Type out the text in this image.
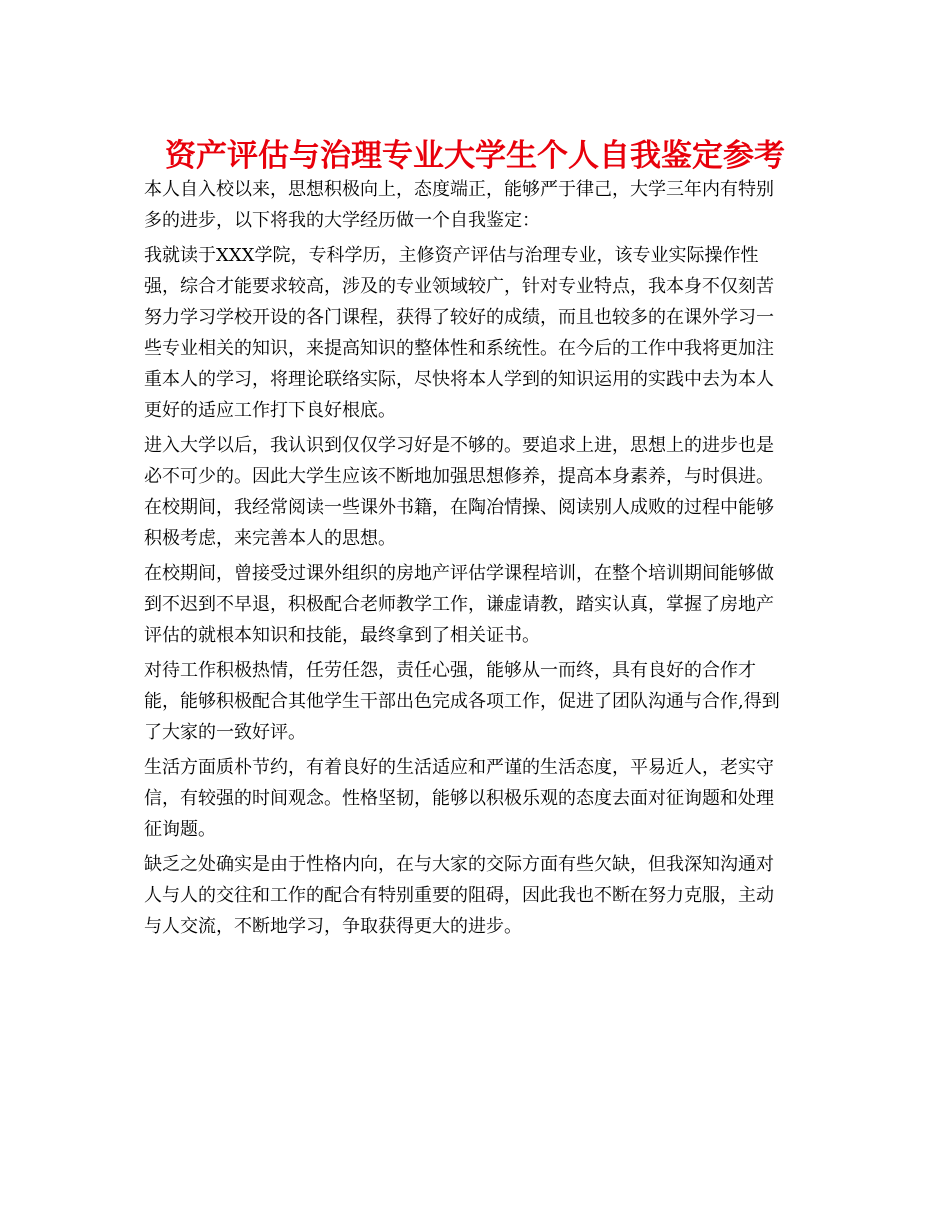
资产评估与治理专业大学生个人自我鉴定参考
本人自入校以来，思想积极向上，态度端正，能够严于律己，大学三年内有特别
多的进步，以下将我的大学经历做一个自我鉴定：
我就读于XXX学院，专科学历，主修资产评估与治理专业，该专业实际操作性
强，综合才能要求较高，涉及的专业领域较广，针对专业特点，我本身不仅刻苦
努力学习学校开设的各门课程，获得了较好的成绩，而且也较多的在课外学习一
些专业相关的知识，来提高知识的整体性和系统性。在今后的工作中我将更加注
重本人的学习，将理论联络实际，尽快将本人学到的知识运用的实践中去为本人
更好的适应工作打下良好根底。
进入大学以后，我认识到仅仅学习好是不够的。要追求上进，思想上的进步也是
必不可少的。因此大学生应该不断地加强思想修养，提高本身素养，与时俱进。
在校期间，我经常阅读一些课外书籍，在陶冶情操、阅读别人成败的过程中能够
积极考虑，来完善本人的思想。
在校期间，曾接受过课外组织的房地产评估学课程培训，在整个培训期间能够做
到不迟到不早退，积极配合老师教学工作，谦虚请教，踏实认真，掌握了房地产
评估的就根本知识和技能，最终拿到了相关证书。
对待工作积极热情，任劳任怨，责任心强，能够从一而终，具有良好的合作才
能，能够积极配合其他学生干部出色完成各项工作，促进了团队沟通与合作,得到
了大家的一致好评。
生活方面质朴节约，有着良好的生活适应和严谨的生活态度，平易近人，老实守
信，有较强的时间观念。性格坚韧，能够以积极乐观的态度去面对征询题和处理
征询题。
缺乏之处确实是由于性格内向，在与大家的交际方面有些欠缺，但我深知沟通对
人与人的交往和工作的配合有特别重要的阻碍，因此我也不断在努力克服，主动
与人交流，不断地学习，争取获得更大的进步。
